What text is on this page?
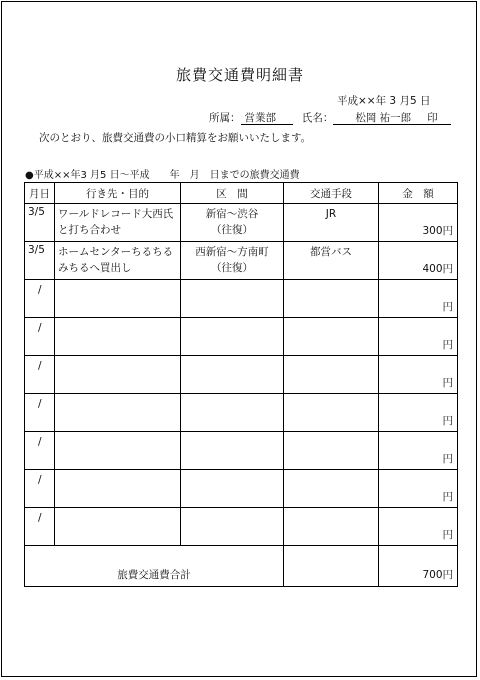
旅費交通費明細書
平成××年 3 月5 日
所属： 営業部 氏名： 松岡 祐一郎 印
次のとおり、旅費交通費の小口精算をお願いいたします。
●平成××年3 月5 日～平成　　年　月　日までの旅費交通費
月日	行き先・目的	区　間	交通手段	金　額
3/5	ワールドレコード大西氏と打ち合わせ	新宿～渋谷
（往復）	JR	300円

3/5	ホームセンターちるちるみちるへ買出し	西新宿～方南町
（往復）	都営バス	400円

/				円

/				円

/				円

/				円

/				円

/				円

/				円

旅費交通費合計				700円
